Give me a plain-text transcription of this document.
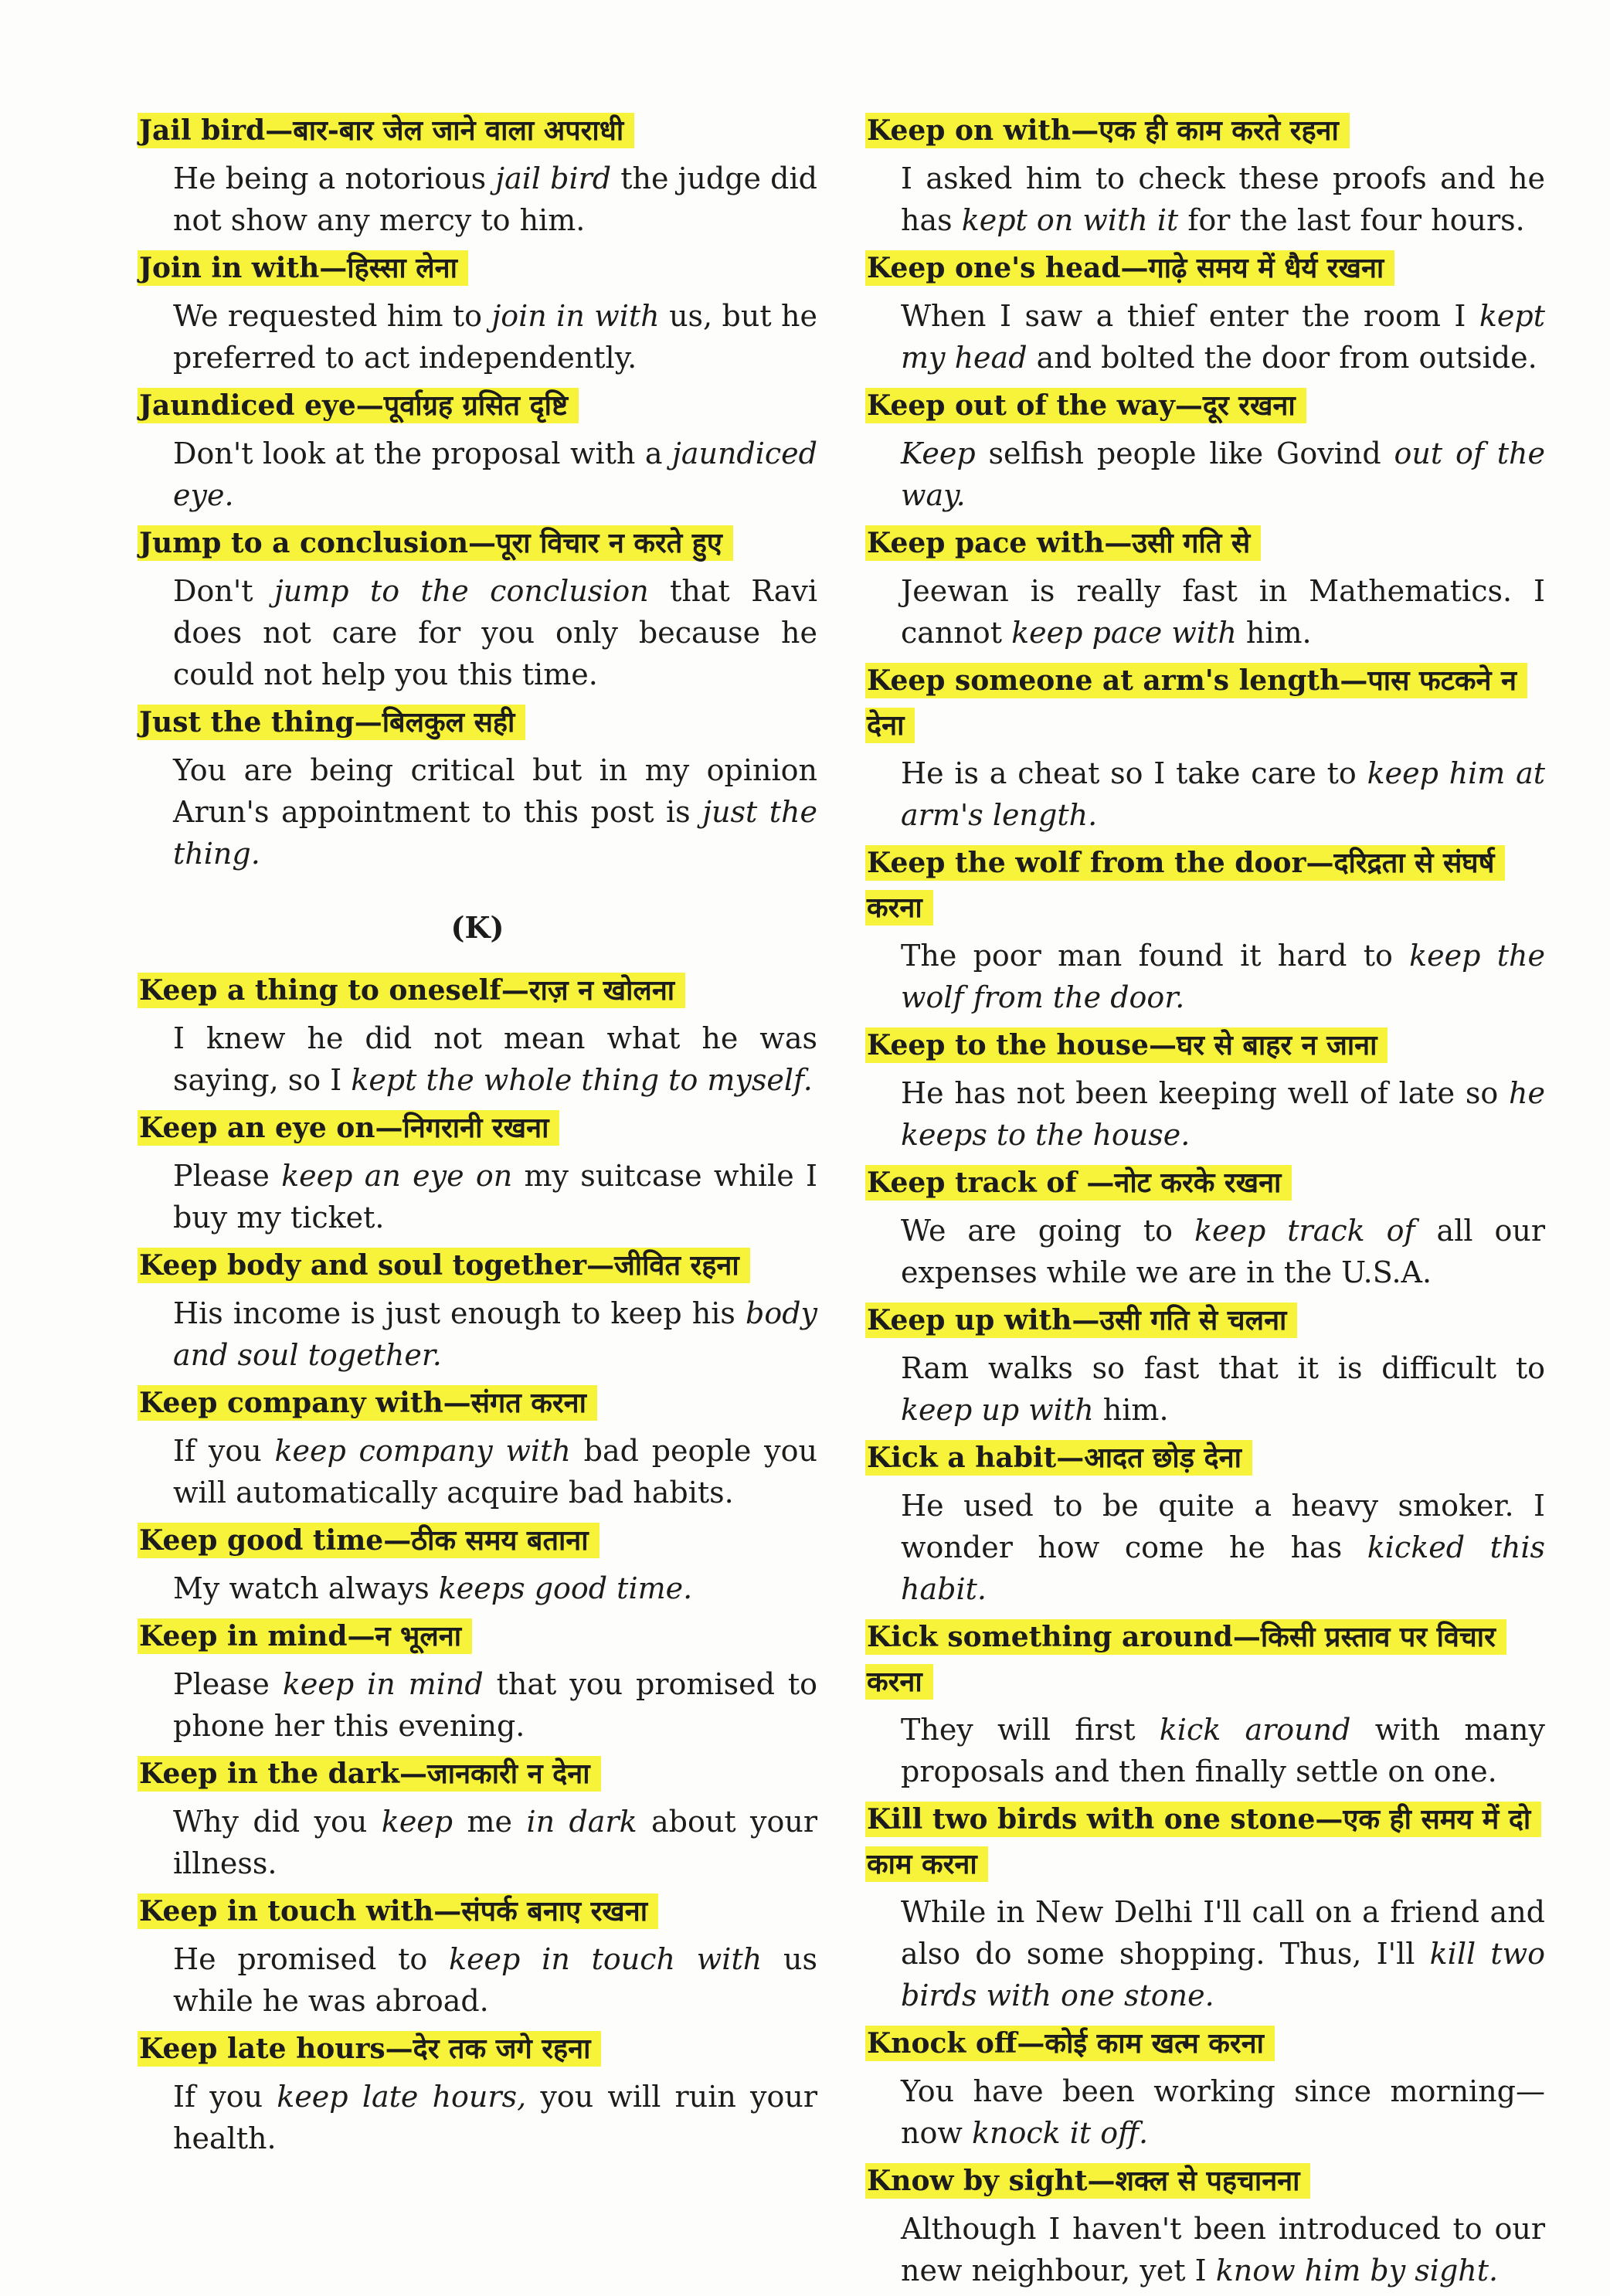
Jail bird—बार-बार जेल जाने वाला अपराधी
He being a notorious jail bird the judge did not show any mercy to him.
Join in with—हिस्सा लेना
We requested him to join in with us, but he preferred to act independently.
Jaundiced eye—पूर्वाग्रह ग्रसित दृष्टि
Don't look at the proposal with a jaundiced eye.
Jump to a conclusion—पूरा विचार न करते हुए
Don't jump to the conclusion that Ravi does not care for you only because he could not help you this time.
Just the thing—बिलकुल सही
You are being critical but in my opinion Arun's appointment to this post is just the thing.
(K)
Keep a thing to oneself—राज़ न खोलना
I knew he did not mean what he was saying, so I kept the whole thing to myself.
Keep an eye on—निगरानी रखना
Please keep an eye on my suitcase while I buy my ticket.
Keep body and soul together—जीवित रहना
His income is just enough to keep his body and soul together.
Keep company with—संगत करना
If you keep company with bad people you will automatically acquire bad habits.
Keep good time—ठीक समय बताना
My watch always keeps good time.
Keep in mind—न भूलना
Please keep in mind that you promised to phone her this evening.
Keep in the dark—जानकारी न देना
Why did you keep me in dark about your illness.
Keep in touch with—संपर्क बनाए रखना
He promised to keep in touch with us while he was abroad.
Keep late hours—देर तक जगे रहना
If you keep late hours, you will ruin your health.
Keep on with—एक ही काम करते रहना
I asked him to check these proofs and he has kept on with it for the last four hours.
Keep one's head—गाढ़े समय में धैर्य रखना
When I saw a thief enter the room I kept my head and bolted the door from outside.
Keep out of the way—दूर रखना
Keep selfish people like Govind out of the way.
Keep pace with—उसी गति से
Jeewan is really fast in Mathematics. I cannot keep pace with him.
Keep someone at arm's length—पास फटकने न देना
He is a cheat so I take care to keep him at arm's length.
Keep the wolf from the door—दरिद्रता से संघर्ष करना
The poor man found it hard to keep the wolf from the door.
Keep to the house—घर से बाहर न जाना
He has not been keeping well of late so he keeps to the house.
Keep track of —नोट करके रखना
We are going to keep track of all our expenses while we are in the U.S.A.
Keep up with—उसी गति से चलना
Ram walks so fast that it is difficult to keep up with him.
Kick a habit—आदत छोड़ देना
He used to be quite a heavy smoker. I wonder how come he has kicked this habit.
Kick something around—किसी प्रस्ताव पर विचार करना
They will first kick around with many proposals and then finally settle on one.
Kill two birds with one stone—एक ही समय में दो काम करना
While in New Delhi I'll call on a friend and also do some shopping. Thus, I'll kill two birds with one stone.
Knock off—कोई काम खत्म करना
You have been working since morning—now knock it off.
Know by sight—शक्ल से पहचानना
Although I haven't been introduced to our new neighbour, yet I know him by sight.
